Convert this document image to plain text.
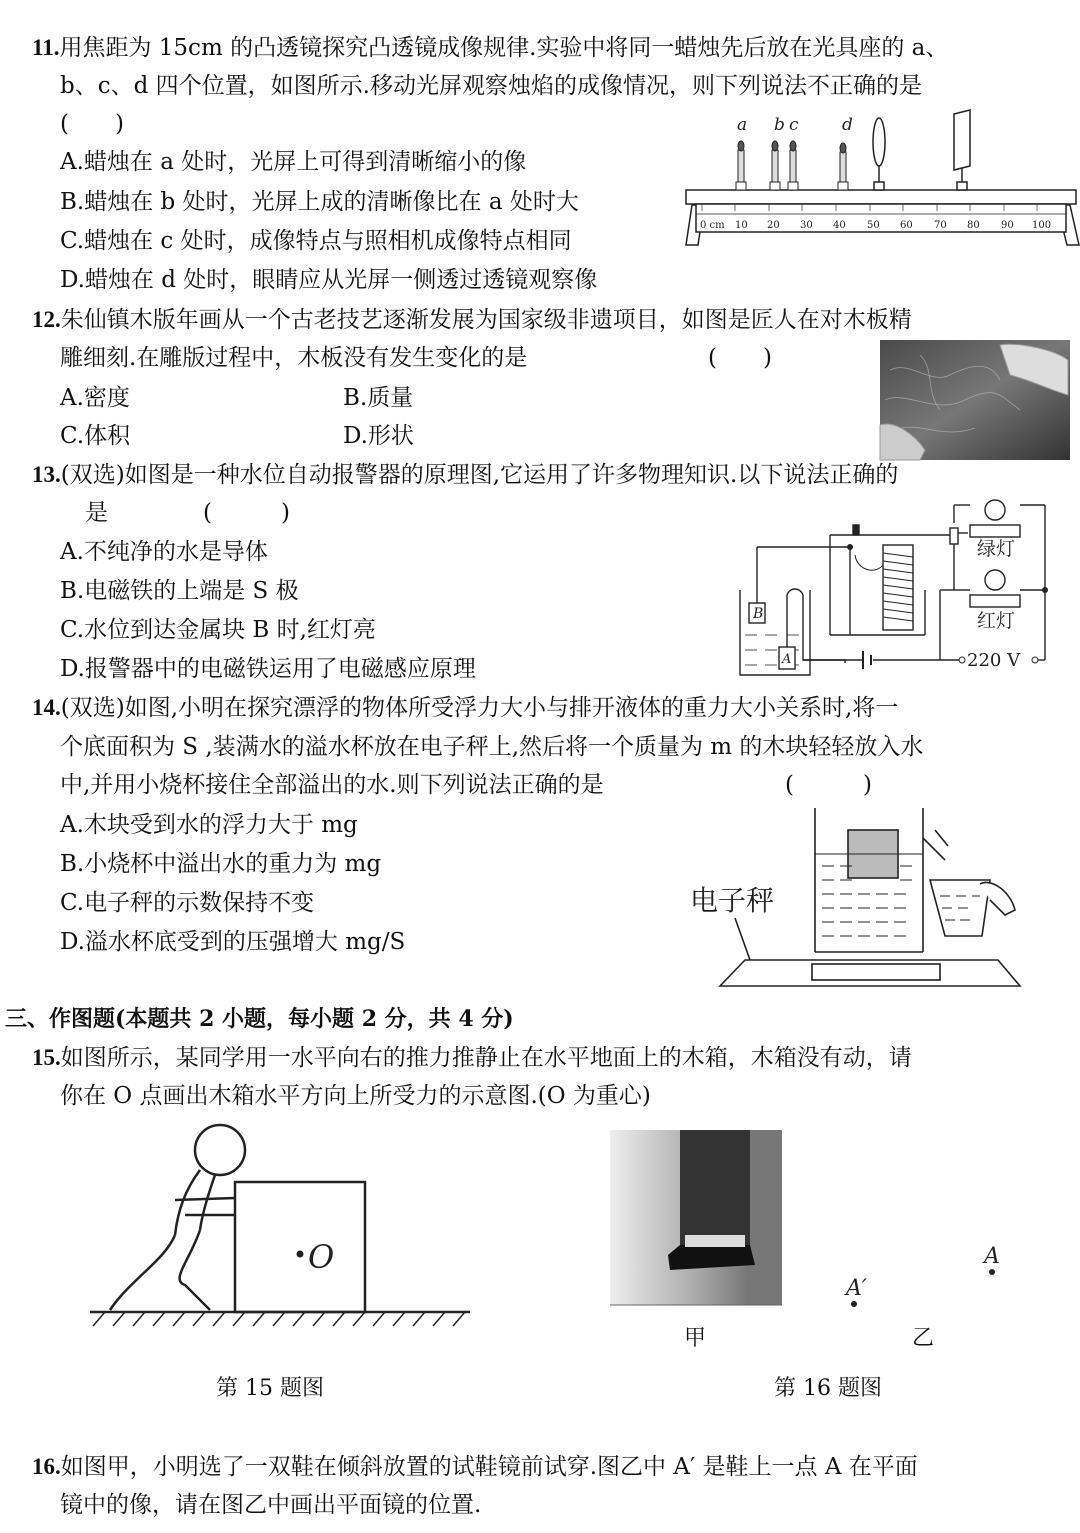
11.用焦距为 15cm 的凸透镜探究凸透镜成像规律.实验中将同一蜡烛先后放在光具座的 a、
b、c、d 四个位置，如图所示.移动光屏观察烛焰的成像情况，则下列说法不正确的是
(　　)
A.蜡烛在 a 处时，光屏上可得到清晰缩小的像
B.蜡烛在 b 处时，光屏上成的清晰像比在 a 处时大
C.蜡烛在 c 处时，成像特点与照相机成像特点相同
D.蜡烛在 d 处时，眼睛应从光屏一侧透过透镜观察像
0 cm 10 20 30 40 50 60 70 80 90 100
a b c	d
12.朱仙镇木版年画从一个古老技艺逐渐发展为国家级非遗项目，如图是匠人在对木板精
雕细刻.在雕版过程中，木板没有发生变化的是	(　　)
A.密度	B.质量
C.体积	D.形状
13.(双选)如图是一种水位自动报警器的原理图,它运用了许多物理知识.以下说法正确的
是	(　　　)
A.不纯净的水是导体
B.电磁铁的上端是 S 极
C.水位到达金属块 B 时,红灯亮
D.报警器中的电磁铁运用了电磁感应原理
B
A
绿灯
红灯
220 V
14.(双选)如图,小明在探究漂浮的物体所受浮力大小与排开液体的重力大小关系时,将一
个底面积为 S ,装满水的溢水杯放在电子秤上,然后将一个质量为 m 的木块轻轻放入水
中,并用小烧杯接住全部溢出的水.则下列说法正确的是	(　　　)
A.木块受到水的浮力大于 mg
B.小烧杯中溢出水的重力为 mg
C.电子秤的示数保持不变
D.溢水杯底受到的压强增大 mg/S
电子秤
三、作图题(本题共 2 小题，每小题 2 分，共 4 分)
15.如图所示，某同学用一水平向右的推力推静止在水平地面上的木箱，木箱没有动，请
你在 O 点画出木箱水平方向上所受力的示意图.(O 为重心)
O
第 15 题图
甲	乙
A
A′
第 16 题图
16.如图甲，小明选了一双鞋在倾斜放置的试鞋镜前试穿.图乙中 A′ 是鞋上一点 A 在平面
镜中的像，请在图乙中画出平面镜的位置.
